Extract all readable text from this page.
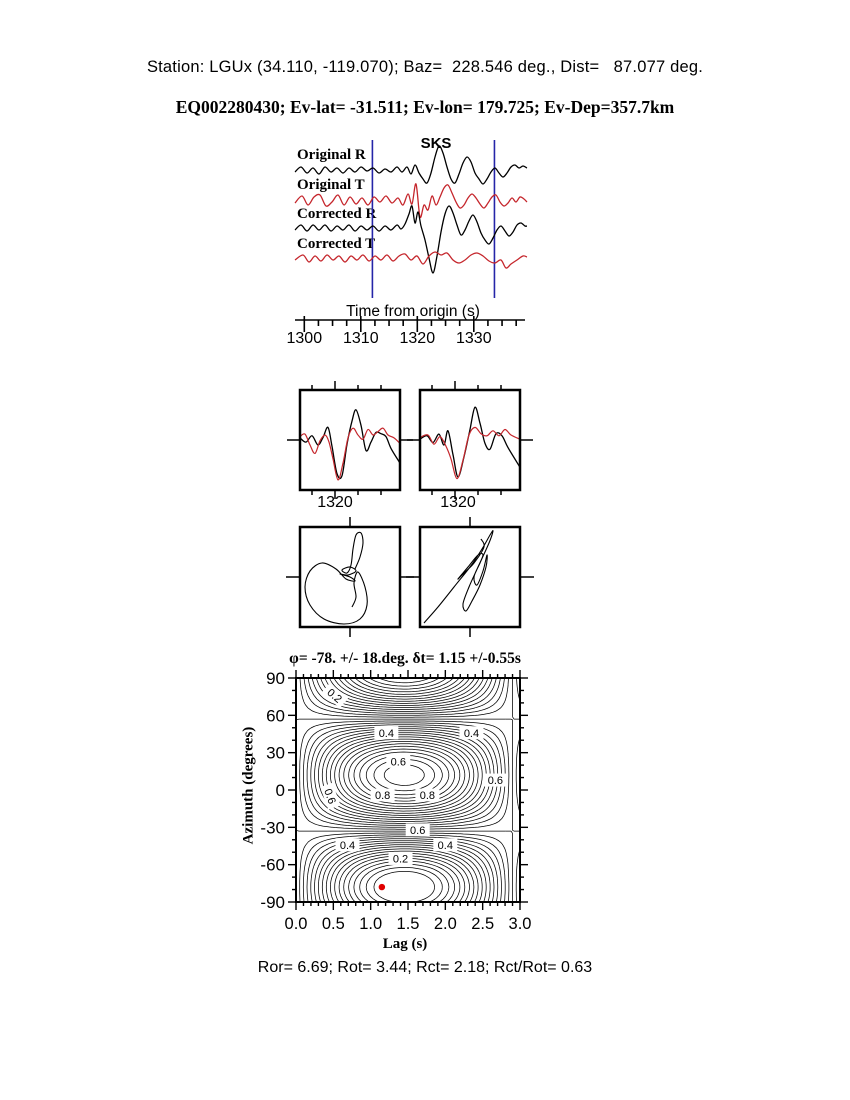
Station: LGUx (34.110, -119.070); Baz=  228.546 deg., Dist=   87.077 deg.
EQ002280430; Ev-lat= -31.511; Ev-lon= 179.725; Ev-Dep=357.7km
SKS
Original R
Original T
Corrected R
Corrected T
Time from origin (s)
1300	1310	1320	1330
1320	1320
φ= -78. +/- 18.deg. δt= 1.15 +/-0.55s
Azimuth (degrees)
90
60
30
0
-30
-60
-90
0.0 0.5 1.0 1.5 2.0 2.5 3.0
0.2
0.4	0.4
0.6
0.6
0.6	0.8	0.8
0.6
0.4	0.4
0.2
Lag (s)
Ror= 6.69; Rot= 3.44; Rct= 2.18; Rct/Rot= 0.63
